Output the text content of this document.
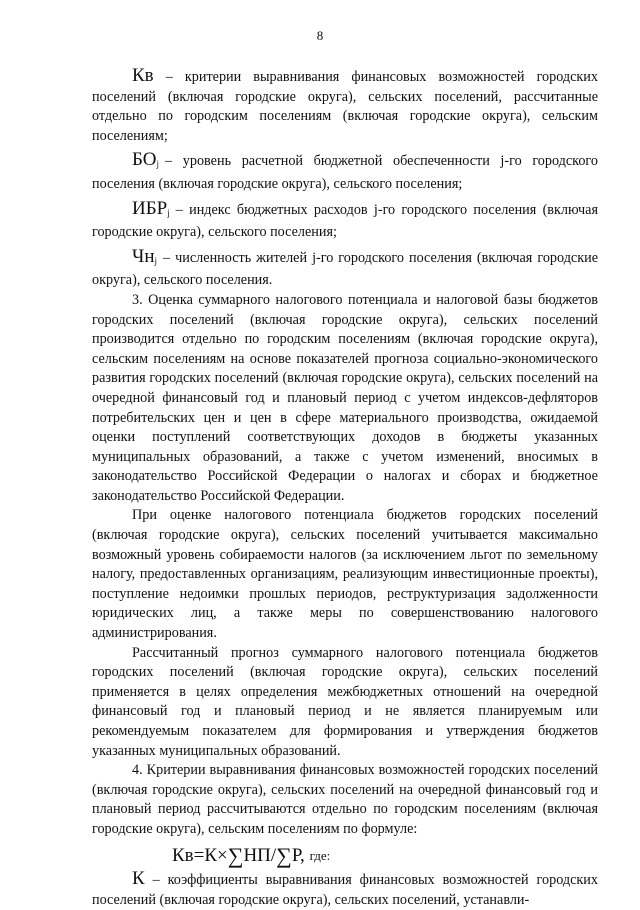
8

Кв – критерии выравнивания финансовых возможностей городских поселений (включая городские округа), сельских поселений, рассчитанные отдельно по городским поселениям (включая городские округа), сельским поселениям;

$БО_j$ – уровень расчетной бюджетной обеспеченности j-го городского поселения (включая городские округа), сельского поселения;

$ИБР_j$ – индекс бюджетных расходов j-го городского поселения (включая городские округа), сельского поселения;

$Чн_j$ – численность жителей j-го городского поселения (включая городские округа), сельского поселения.

3. Оценка суммарного налогового потенциала и налоговой базы бюджетов городских поселений (включая городские округа), сельских поселений производится отдельно по городским поселениям (включая городские округа), сельским поселениям на основе показателей прогноза социально-экономического развития городских поселений (включая городские округа), сельских поселений на очередной финансовый год и плановый период с учетом индексов-дефляторов потребительских цен и цен в сфере материального производства, ожидаемой оценки поступлений соответствующих доходов в бюджеты указанных муниципальных образований, а также с учетом изменений, вносимых в законодательство Российской Федерации о налогах и сборах и бюджетное законодательство Российской Федерации.

При оценке налогового потенциала бюджетов городских поселений (включая городские округа), сельских поселений учитывается максимально возможный уровень собираемости налогов (за исключением льгот по земельному налогу, предоставленных организациям, реализующим инвестиционные проекты), поступление недоимки прошлых периодов, реструктуризация задолженности юридических лиц, а также меры по совершенствованию налогового администрирования.

Рассчитанный прогноз суммарного налогового потенциала бюджетов городских поселений (включая городские округа), сельских поселений применяется в целях определения межбюджетных отношений на очередной финансовый год и плановый период и не является планируемым или рекомендуемым показателем для формирования и утверждения бюджетов указанных муниципальных образований.

4. Критерии выравнивания финансовых возможностей городских поселений (включая городские округа), сельских поселений на очередной финансовый год и плановый период рассчитываются отдельно по городским поселениям (включая городские округа), сельским поселениям по формуле:

Кв=К×∑НП/∑Р, где:

К – коэффициенты выравнивания финансовых возможностей городских поселений (включая городские округа), сельских поселений, устанавли-
